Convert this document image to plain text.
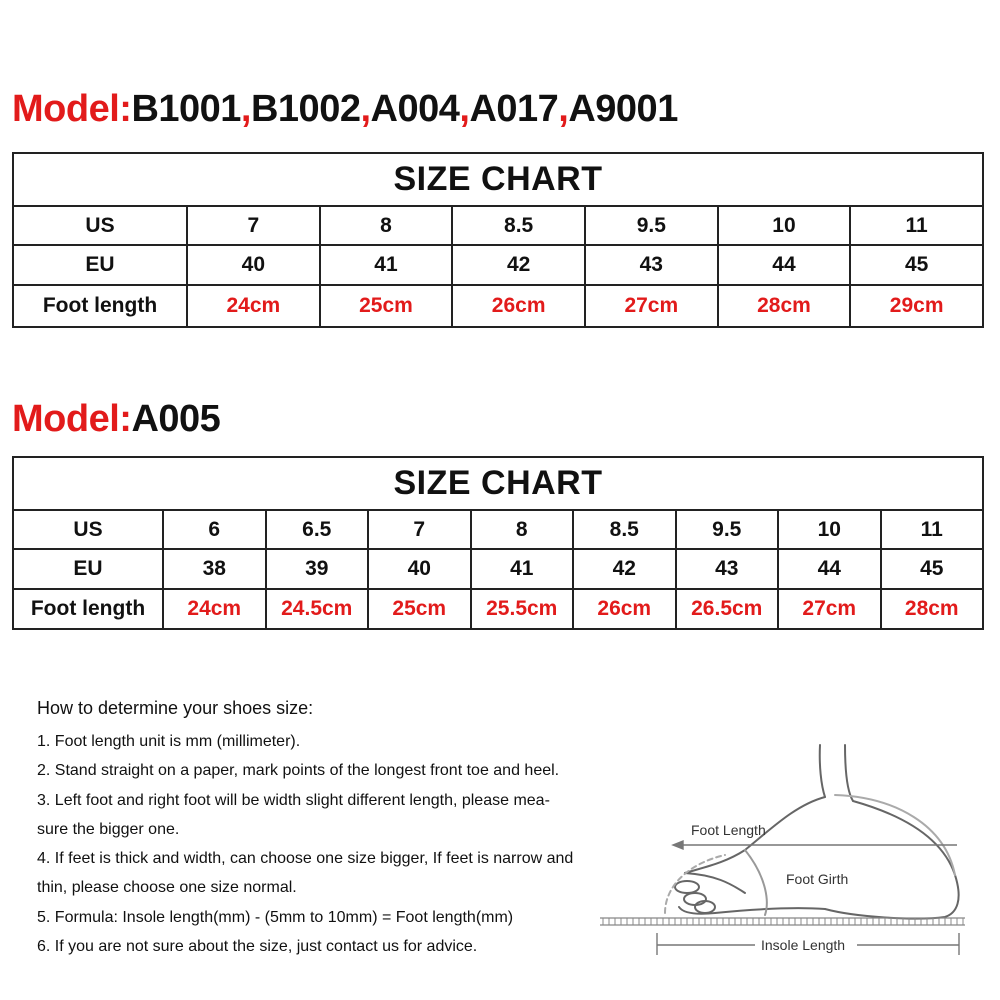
Model:B1001,B1002,A004,A017,A9001
SIZE CHART						
US	7	8	8.5	9.5	10	11
EU	40	41	42	43	44	45
Foot length	24cm	25cm	26cm	27cm	28cm	29cm
Model:A005
SIZE CHART								
US	6	6.5	7	8	8.5	9.5	10	11
EU	38	39	40	41	42	43	44	45
Foot length	24cm	24.5cm	25cm	25.5cm	26cm	26.5cm	27cm	28cm
How to determine your shoes size:
1. Foot length unit is mm (millimeter).
2. Stand straight on a paper, mark points of the longest front toe and heel.
3. Left foot and right foot will be width slight different length, please mea-
sure the bigger one.
4. If feet is thick and width, can choose one size bigger, If feet is narrow and
thin, please choose one size normal.
5. Formula: Insole length(mm) - (5mm to 10mm) = Foot length(mm)
6. If you are not sure about the size, just contact us for advice.
Foot Length
Foot Girth
Insole Length
